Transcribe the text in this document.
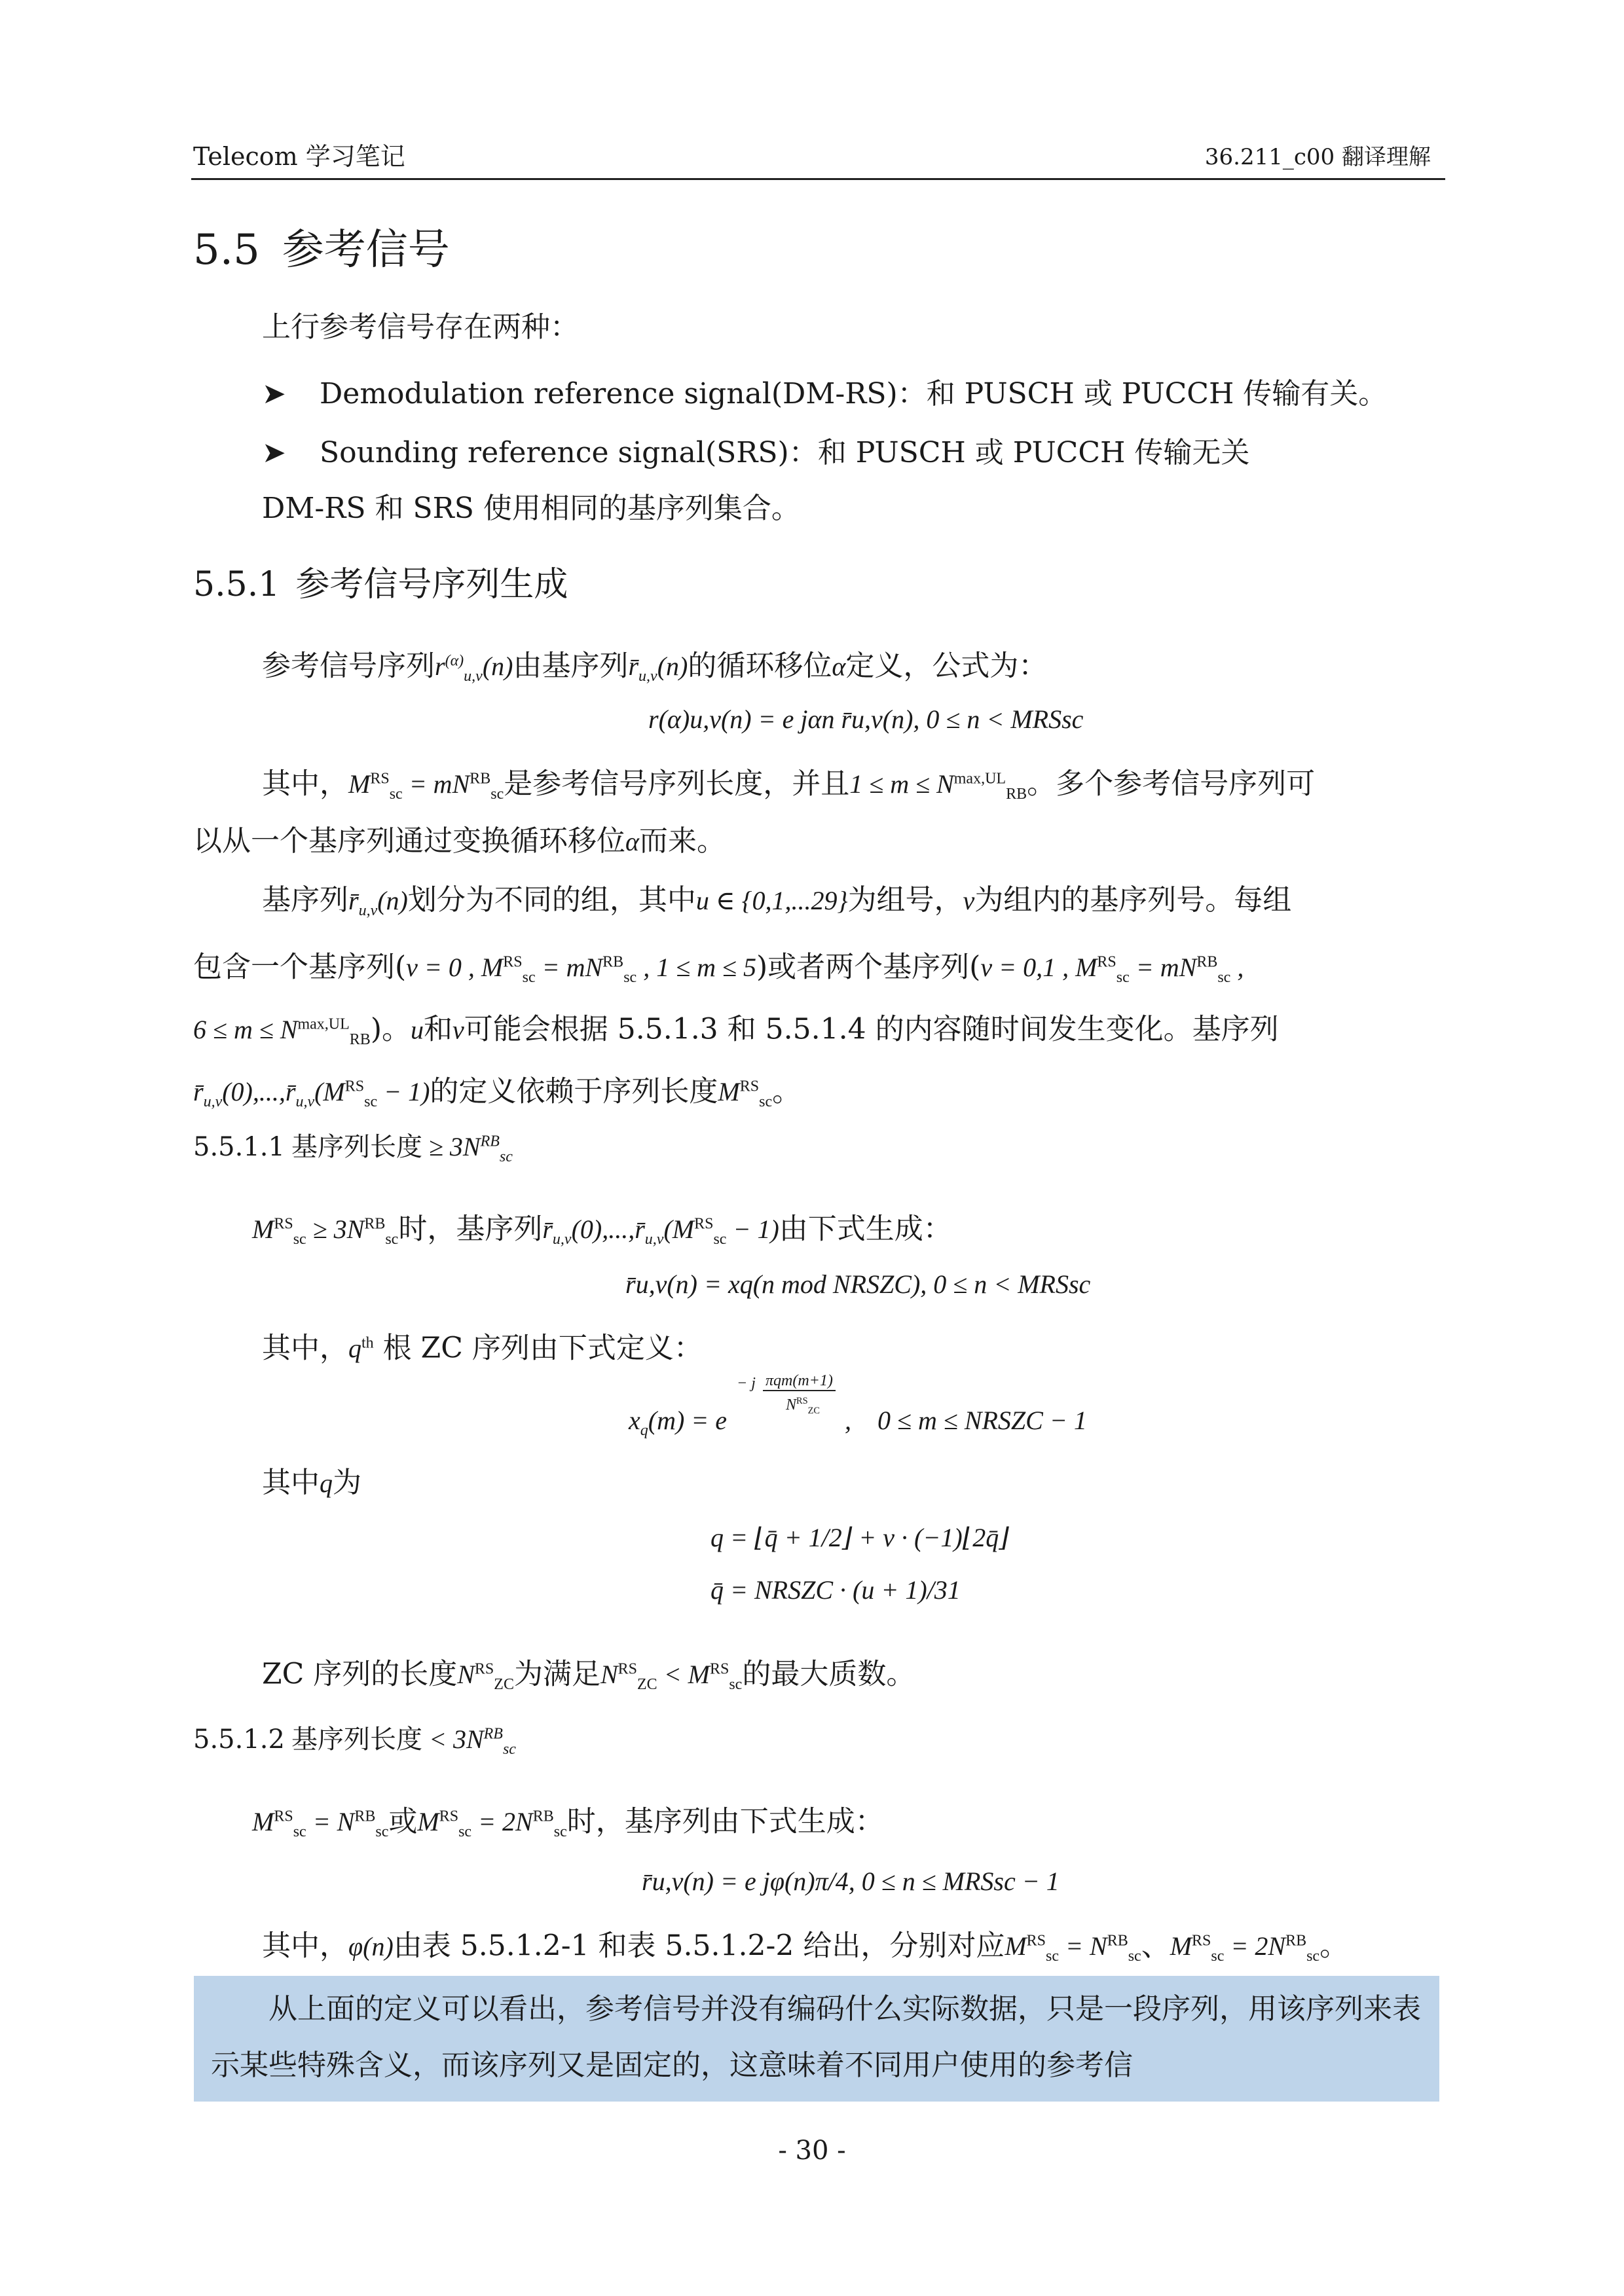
Telecom 学习笔记	36.211_c00 翻译理解
5.5 参考信号
上行参考信号存在两种：
➤ Demodulation reference signal(DM-RS)：和 PUSCH 或 PUCCH 传输有关。
➤ Sounding reference signal(SRS)：和 PUSCH 或 PUCCH 传输无关
DM-RS 和 SRS 使用相同的基序列集合。
5.5.1 参考信号序列生成
参考信号序列$r^{(\alpha)}_{u,v}(n)$由基序列$r̄_{u,v}(n)$的循环移位α定义，公式为：
r(α)u,v(n) = e jαn r̄u,v(n), 0 ≤ n < MRSsc
其中，$M^{RS}_{sc} = mN^{RB}_{sc}$是参考信号序列长度，并且$1 \le m \le N^{max,UL}_{RB}$。多个参考信号序列可
以从一个基序列通过变换循环移位α而来。
基序列$r̄_{u,v}(n)$划分为不同的组，其中u ∈ {0,1,...29}为组号，v为组内的基序列号。每组
包含一个基序列(v = 0 , $M^{RS}_{sc} = mN^{RB}_{sc}$ , 1 ≤ m ≤ 5)或者两个基序列(v = 0,1 , $M^{RS}_{sc} = mN^{RB}_{sc}$ ,
$6 \le m \le N^{max,UL}_{RB}$)。u和v可能会根据 5.5.1.3 和 5.5.1.4 的内容随时间发生变化。基序列
$r̄_{u,v}(0),...,r̄_{u,v}(M^{RS}_{sc} - 1)$的定义依赖于序列长度$M^{RS}_{sc}$。
5.5.1.1 基序列长度 ≥ $3N^{RB}_{sc}$
$M^{RS}_{sc} \ge 3N^{RB}_{sc}$时，基序列$r̄_{u,v}(0),...,r̄_{u,v}(M^{RS}_{sc} - 1)$由下式生成：
r̄u,v(n) = xq(n mod NRSZC), 0 ≤ n < MRSsc
其中，$q^{th}$ 根 ZC 序列由下式定义：
$x_q(m) = e$
− j πqm(m+1)
$N^{RS}_{ZC}$ , 0 ≤ m ≤ NRSZC − 1
其中q为
q = ⌊q̄ + 1/2⌋ + v · (−1)⌊2q̄⌋
q̄ = NRSZC · (u + 1)/31
ZC 序列的长度$N^{RS}_{ZC}$为满足$N^{RS}_{ZC} < M^{RS}_{sc}$的最大质数。
5.5.1.2 基序列长度 < $3N^{RB}_{sc}$
$M^{RS}_{sc} = N^{RB}_{sc}$或$M^{RS}_{sc} = 2N^{RB}_{sc}$时，基序列由下式生成：
r̄u,v(n) = e jφ(n)π/4, 0 ≤ n ≤ MRSsc − 1
其中，φ(n)由表 5.5.1.2-1 和表 5.5.1.2-2 给出，分别对应$M^{RS}_{sc} = N^{RB}_{sc}$、$M^{RS}_{sc} = 2N^{RB}_{sc}$。
从上面的定义可以看出，参考信号并没有编码什么实际数据，只是一段序列，用该序列来表示某些特殊含义，而该序列又是固定的，这意味着不同用户使用的参考信
- 30 -
